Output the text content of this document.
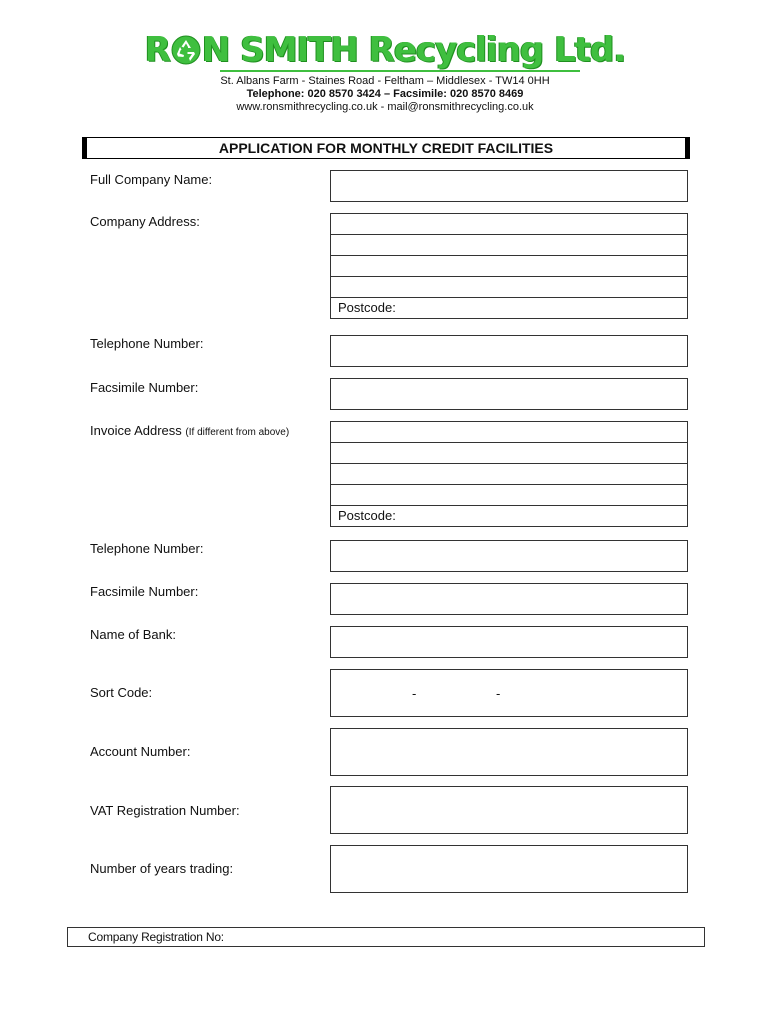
R N SMITH Recycling Ltd.
St. Albans Farm - Staines Road - Feltham – Middlesex - TW14 0HH
Telephone: 020 8570 3424 – Facsimile: 020 8570 8469
www.ronsmithrecycling.co.uk - mail@ronsmithrecycling.co.uk
APPLICATION FOR MONTHLY CREDIT FACILITIES
Full Company Name:
Company Address:
Postcode:
Telephone Number:
Facsimile Number:
Invoice Address (If different from above)
Postcode:
Telephone Number:
Facsimile Number:
Name of Bank:
Sort Code:	-	-
Account Number:
VAT Registration Number:
Number of years trading:
Company Registration No:
